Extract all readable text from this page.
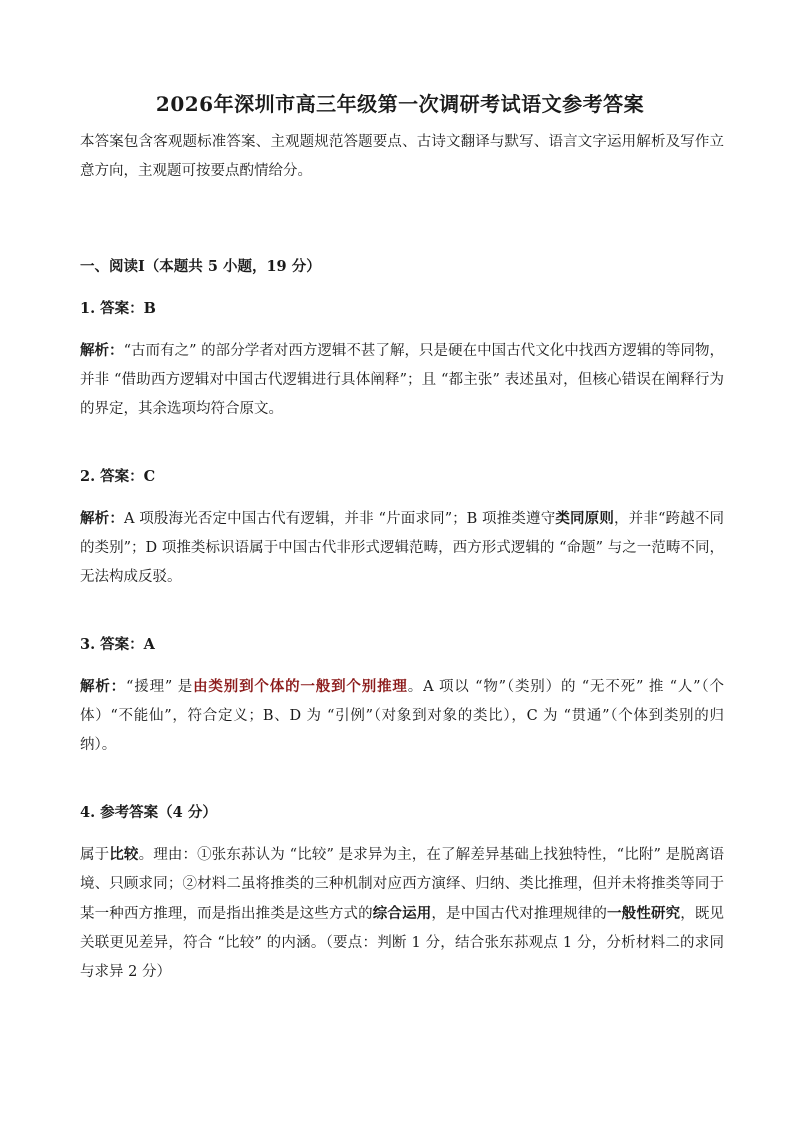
2026年深圳市高三年级第一次调研考试语文参考答案
本答案包含客观题标准答案、主观题规范答题要点、古诗文翻译与默写、语言文字运用解析及写作立意方向，主观题可按要点酌情给分。
一、阅读Ⅰ（本题共 5 小题，19 分）
1. 答案：B
解析：“古而有之” 的部分学者对西方逻辑不甚了解，只是硬在中国古代文化中找西方逻辑的等同物，并非 “借助西方逻辑对中国古代逻辑进行具体阐释”；且 “都主张” 表述虽对，但核心错误在阐释行为的界定，其余选项均符合原文。
2. 答案：C
解析：A 项殷海光否定中国古代有逻辑，并非 “片面求同”；B 项推类遵守类同原则，并非“跨越不同的类别”；D 项推类标识语属于中国古代非形式逻辑范畴，西方形式逻辑的 “命题” 与之一范畴不同，无法构成反驳。
3. 答案：A
解析：“援理” 是由类别到个体的一般到个别推理。A 项以 “物”（类别）的 “无不死” 推 “人”（个体）“不能仙”，符合定义；B、D 为 “引例”（对象到对象的类比），C 为 “贯通”（个体到类别的归纳）。
4. 参考答案（4 分）
属于比较。理由：①张东荪认为 “比较” 是求异为主，在了解差异基础上找独特性，“比附” 是脱离语境、只顾求同；②材料二虽将推类的三种机制对应西方演绎、归纳、类比推理，但并未将推类等同于某一种西方推理，而是指出推类是这些方式的综合运用，是中国古代对推理规律的一般性研究，既见关联更见差异，符合 “比较” 的内涵。（要点：判断 1 分，结合张东荪观点 1 分，分析材料二的求同与求异 2 分）
